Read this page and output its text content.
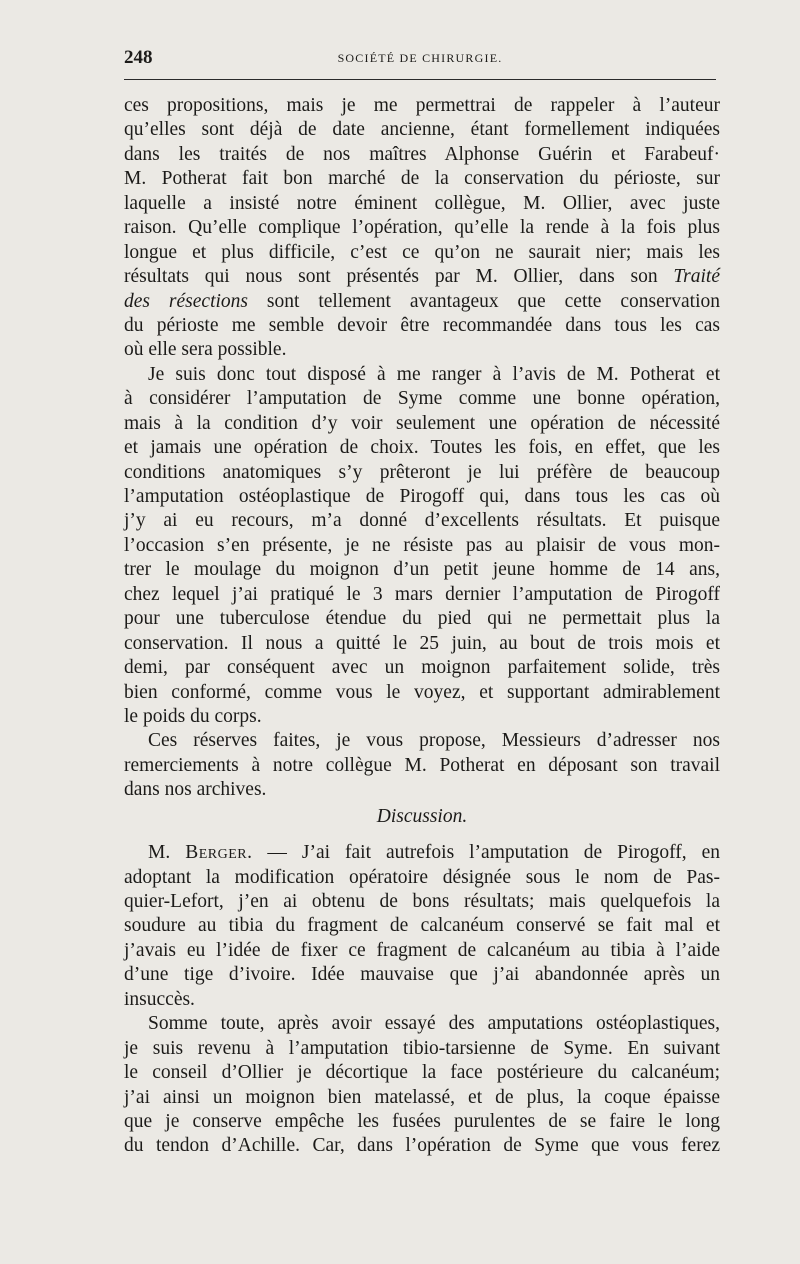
248	SOCIÉTÉ DE CHIRURGIE.
ces propositions, mais je me permettrai de rappeler à l’auteur
qu’elles sont déjà de date ancienne, étant formellement indiquées
dans les traités de nos maîtres Alphonse Guérin et Farabeuf·
M. Potherat fait bon marché de la conservation du périoste, sur
laquelle a insisté notre éminent collègue, M. Ollier, avec juste
raison. Qu’elle complique l’opération, qu’elle la rende à la fois plus
longue et plus difficile, c’est ce qu’on ne saurait nier; mais les
résultats qui nous sont présentés par M. Ollier, dans son Traité
des résections sont tellement avantageux que cette conservation
du périoste me semble devoir être recommandée dans tous les cas
où elle sera possible.
Je suis donc tout disposé à me ranger à l’avis de M. Potherat et
à considérer l’amputation de Syme comme une bonne opération,
mais à la condition d’y voir seulement une opération de nécessité
et jamais une opération de choix. Toutes les fois, en effet, que les
conditions anatomiques s’y prêteront je lui préfère de beaucoup
l’amputation ostéoplastique de Pirogoff qui, dans tous les cas où
j’y ai eu recours, m’a donné d’excellents résultats. Et puisque
l’occasion s’en présente, je ne résiste pas au plaisir de vous mon-
trer le moulage du moignon d’un petit jeune homme de 14 ans,
chez lequel j’ai pratiqué le 3 mars dernier l’amputation de Pirogoff
pour une tuberculose étendue du pied qui ne permettait plus la
conservation. Il nous a quitté le 25 juin, au bout de trois mois et
demi, par conséquent avec un moignon parfaitement solide, très
bien conformé, comme vous le voyez, et supportant admirablement
le poids du corps.
Ces réserves faites, je vous propose, Messieurs d’adresser nos
remerciements à notre collègue M. Potherat en déposant son travail
dans nos archives.
Discussion.
M. Berger. — J’ai fait autrefois l’amputation de Pirogoff, en
adoptant la modification opératoire désignée sous le nom de Pas-
quier-Lefort, j’en ai obtenu de bons résultats; mais quelquefois la
soudure au tibia du fragment de calcanéum conservé se fait mal et
j’avais eu l’idée de fixer ce fragment de calcanéum au tibia à l’aide
d’une tige d’ivoire. Idée mauvaise que j’ai abandonnée après un
insuccès.
Somme toute, après avoir essayé des amputations ostéoplastiques,
je suis revenu à l’amputation tibio-tarsienne de Syme. En suivant
le conseil d’Ollier je décortique la face postérieure du calcanéum;
j’ai ainsi un moignon bien matelassé, et de plus, la coque épaisse
que je conserve empêche les fusées purulentes de se faire le long
du tendon d’Achille. Car, dans l’opération de Syme que vous ferez
